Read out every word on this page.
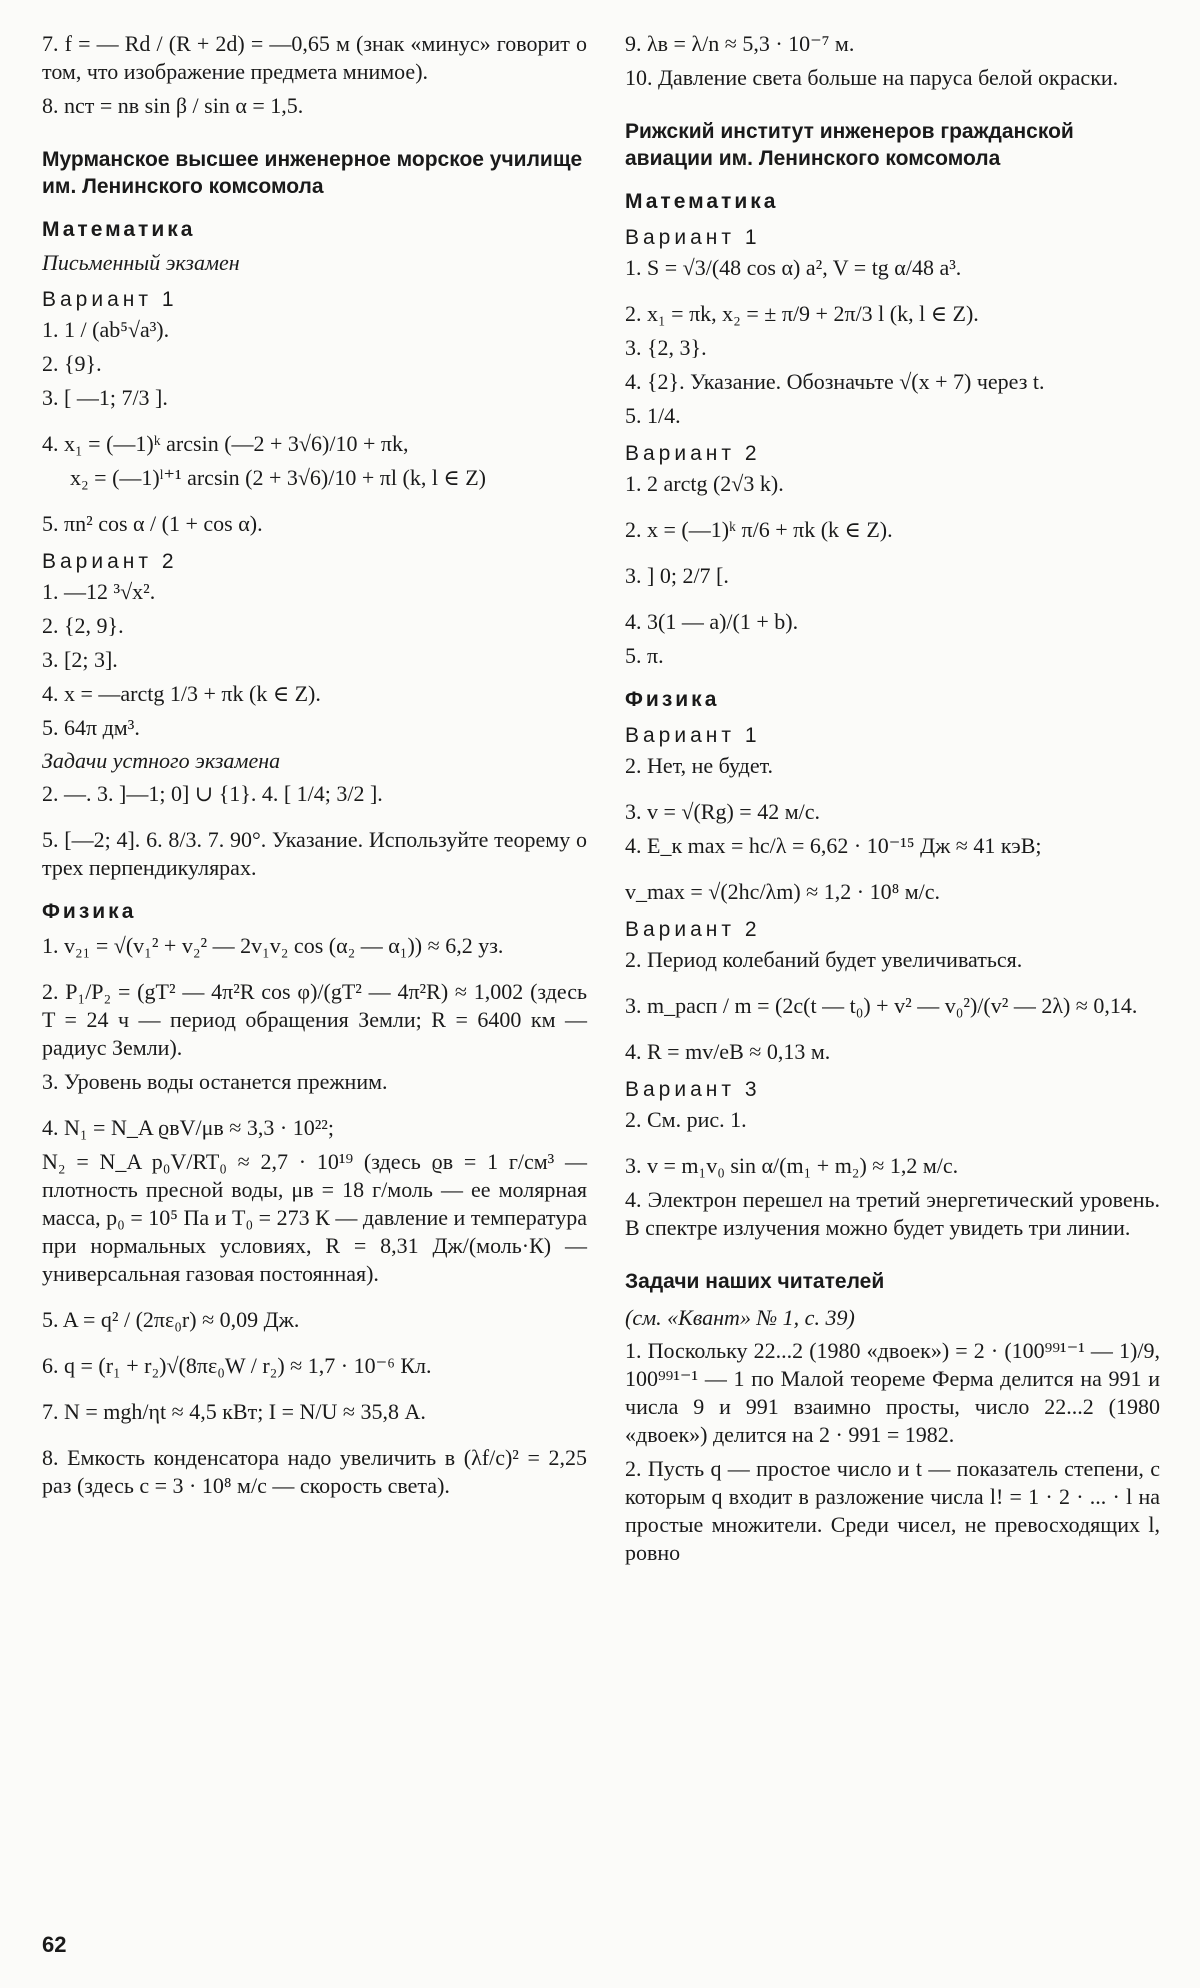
7. f = — Rd / (R + 2d) = —0,65 м (знак «минус» говорит о том, что изображение предмета мнимое).

8. nст = nв sin β / sin α = 1,5.

Мурманское высшее инженерное морское училище им. Ленинского комсомола
Математика
Письменный экзамен
Вариант 1

1. 1 / (ab⁵√a³).

2. {9}.

3. [ —1; 7/3 ].

4. x₁ = (—1)ᵏ arcsin (—2 + 3√6)/10 + πk,

x₂ = (—1)ˡ⁺¹ arcsin (2 + 3√6)/10 + πl (k, l ∈ Z)

5. πn² cos α / (1 + cos α).

Вариант 2

1. —12 ³√x².

2. {2, 9}.

3. [2; 3].

4. x = —arctg 1/3 + πk (k ∈ Z).

5. 64π дм³.

Задачи устного экзамена

2. —. 3. ]—1; 0] ∪ {1}. 4. [ 1/4; 3/2 ].

5. [—2; 4]. 6. 8/3. 7. 90°. Указание. Используйте теорему о трех перпендикулярах.

Физика

1. v₂₁ = √(v₁² + v₂² — 2v₁v₂ cos (α₂ — α₁)) ≈ 6,2 уз.

2. P₁/P₂ = (gT² — 4π²R cos φ)/(gT² — 4π²R) ≈ 1,002 (здесь T = 24 ч — период обращения Земли; R = 6400 км — радиус Земли).

3. Уровень воды останется прежним.

4. N₁ = N_A ϱвV/μв ≈ 3,3 · 10²²;

N₂ = N_A p₀V/RT₀ ≈ 2,7 · 10¹⁹ (здесь ϱв = 1 г/см³ — плотность пресной воды, μв = 18 г/моль — ее молярная масса, p₀ = 10⁵ Па и T₀ = 273 К — давление и температура при нормальных условиях, R = 8,31 Дж/(моль·К) — универсальная газовая постоянная).

5. A = q² / (2πε₀r) ≈ 0,09 Дж.

6. q = (r₁ + r₂)√(8πε₀W / r₂) ≈ 1,7 · 10⁻⁶ Кл.

7. N = mgh/ηt ≈ 4,5 кВт; I = N/U ≈ 35,8 А.

8. Емкость конденсатора надо увеличить в (λf/c)² = 2,25 раз (здесь c = 3 · 10⁸ м/с — скорость света).

9. λв = λ/n ≈ 5,3 · 10⁻⁷ м.

10. Давление света больше на паруса белой окраски.

Рижский институт инженеров гражданской авиации им. Ленинского комсомола
Математика
Вариант 1

1. S = √3/(48 cos α) a², V = tg α/48 a³.

2. x₁ = πk, x₂ = ± π/9 + 2π/3 l (k, l ∈ Z).

3. {2, 3}.

4. {2}. Указание. Обозначьте √(x + 7) через t.

5. 1/4.

Вариант 2

1. 2 arctg (2√3 k).

2. x = (—1)ᵏ π/6 + πk (k ∈ Z).

3. ] 0; 2/7 [.

4. 3(1 — a)/(1 + b).

5. π.

Физика
Вариант 1

2. Нет, не будет.

3. v = √(Rg) = 42 м/с.

4. E_к max = hc/λ = 6,62 · 10⁻¹⁵ Дж ≈ 41 кэВ;

v_max = √(2hc/λm) ≈ 1,2 · 10⁸ м/с.

Вариант 2

2. Период колебаний будет увеличиваться.

3. m_расп / m = (2c(t — t₀) + v² — v₀²)/(v² — 2λ) ≈ 0,14.

4. R = mv/eB ≈ 0,13 м.

Вариант 3

2. См. рис. 1.

3. v = m₁v₀ sin α/(m₁ + m₂) ≈ 1,2 м/с.

4. Электрон перешел на третий энергетический уровень. В спектре излучения можно будет увидеть три линии.

Задачи наших читателей
(см. «Квант» № 1, с. 39)

1. Поскольку 22...2 (1980 «двоек») = 2 · (100⁹⁹¹⁻¹ — 1)/9, 100⁹⁹¹⁻¹ — 1 по Малой теореме Ферма делится на 991 и числа 9 и 991 взаимно просты, число 22...2 (1980 «двоек») делится на 2 · 991 = 1982.

2. Пусть q — простое число и t — показатель степени, с которым q входит в разложение числа l! = 1 · 2 · ... · l на простые множители. Среди чисел, не превосходящих l, ровно

62
